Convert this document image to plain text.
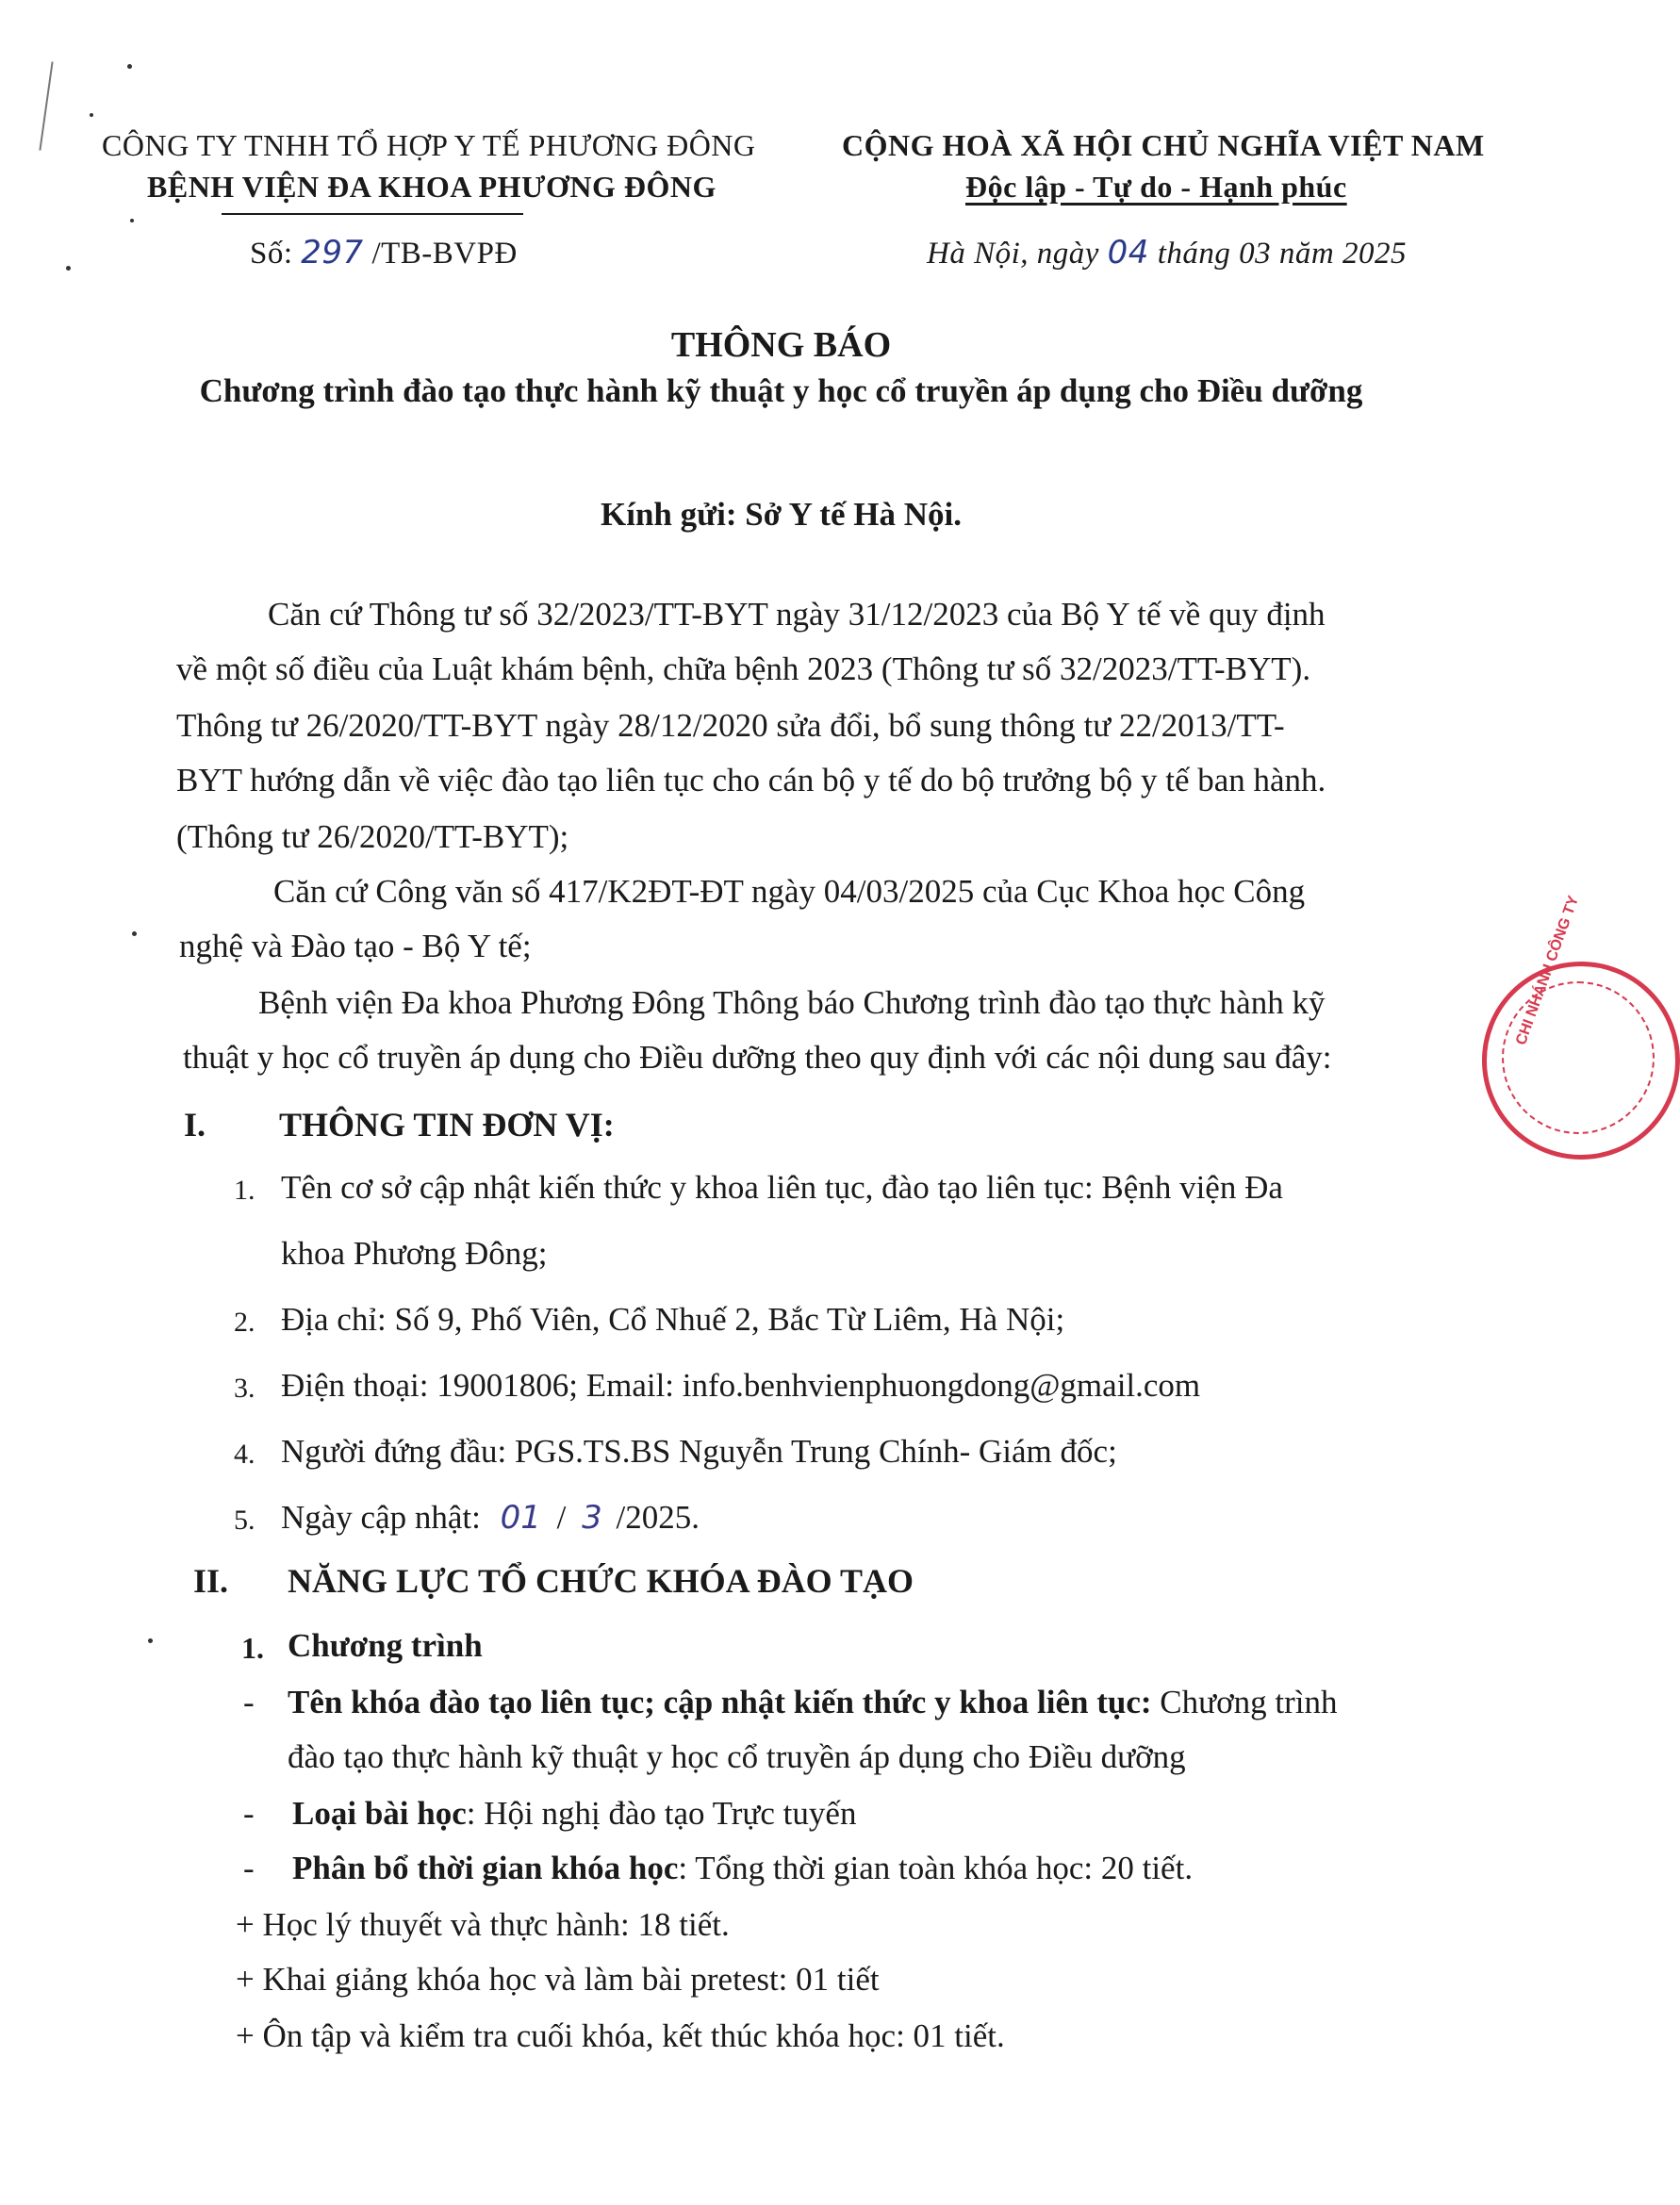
CÔNG TY TNHH TỔ HỢP Y TẾ PHƯƠNG ĐÔNG
BỆNH VIỆN ĐA KHOA PHƯƠNG ĐÔNG
Số: 297 /TB-BVPĐ
CỘNG HOÀ XÃ HỘI CHỦ NGHĨA VIỆT NAM
Độc lập - Tự do - Hạnh phúc
Hà Nội, ngày 04 tháng 03 năm 2025
THÔNG BÁO
Chương trình đào tạo thực hành kỹ thuật y học cổ truyền áp dụng cho Điều dưỡng
Kính gửi: Sở Y tế Hà Nội.
Căn cứ Thông tư số 32/2023/TT-BYT ngày 31/12/2023 của Bộ Y tế về quy định
về một số điều của Luật khám bệnh, chữa bệnh 2023 (Thông tư số 32/2023/TT-BYT).
Thông tư 26/2020/TT-BYT ngày 28/12/2020 sửa đổi, bổ sung thông tư 22/2013/TT-
BYT hướng dẫn về việc đào tạo liên tục cho cán bộ y tế do bộ trưởng bộ y tế ban hành.
(Thông tư 26/2020/TT-BYT);
Căn cứ Công văn số 417/K2ĐT-ĐT ngày 04/03/2025 của Cục Khoa học Công
nghệ và Đào tạo - Bộ Y tế;
Bệnh viện Đa khoa Phương Đông Thông báo Chương trình đào tạo thực hành kỹ
thuật y học cổ truyền áp dụng cho Điều dưỡng theo quy định với các nội dung sau đây:
I. THÔNG TIN ĐƠN VỊ:
1. Tên cơ sở cập nhật kiến thức y khoa liên tục, đào tạo liên tục: Bệnh viện Đa
khoa Phương Đông;
2. Địa chỉ: Số 9, Phố Viên, Cổ Nhuế 2, Bắc Từ Liêm, Hà Nội;
3. Điện thoại: 19001806; Email: info.benhvienphuongdong@gmail.com
4. Người đứng đầu: PGS.TS.BS Nguyễn Trung Chính- Giám đốc;
5. Ngày cập nhật: 01 / 3 /2025.
II. NĂNG LỰC TỔ CHỨC KHÓA ĐÀO TẠO
1. Chương trình
- Tên khóa đào tạo liên tục; cập nhật kiến thức y khoa liên tục: Chương trình
đào tạo thực hành kỹ thuật y học cổ truyền áp dụng cho Điều dưỡng
- Loại bài học: Hội nghị đào tạo Trực tuyến
- Phân bổ thời gian khóa học: Tổng thời gian toàn khóa học: 20 tiết.
+ Học lý thuyết và thực hành: 18 tiết.
+ Khai giảng khóa học và làm bài pretest: 01 tiết
+ Ôn tập và kiểm tra cuối khóa, kết thúc khóa học: 01 tiết.
CHI NHÁNH CÔNG TY
